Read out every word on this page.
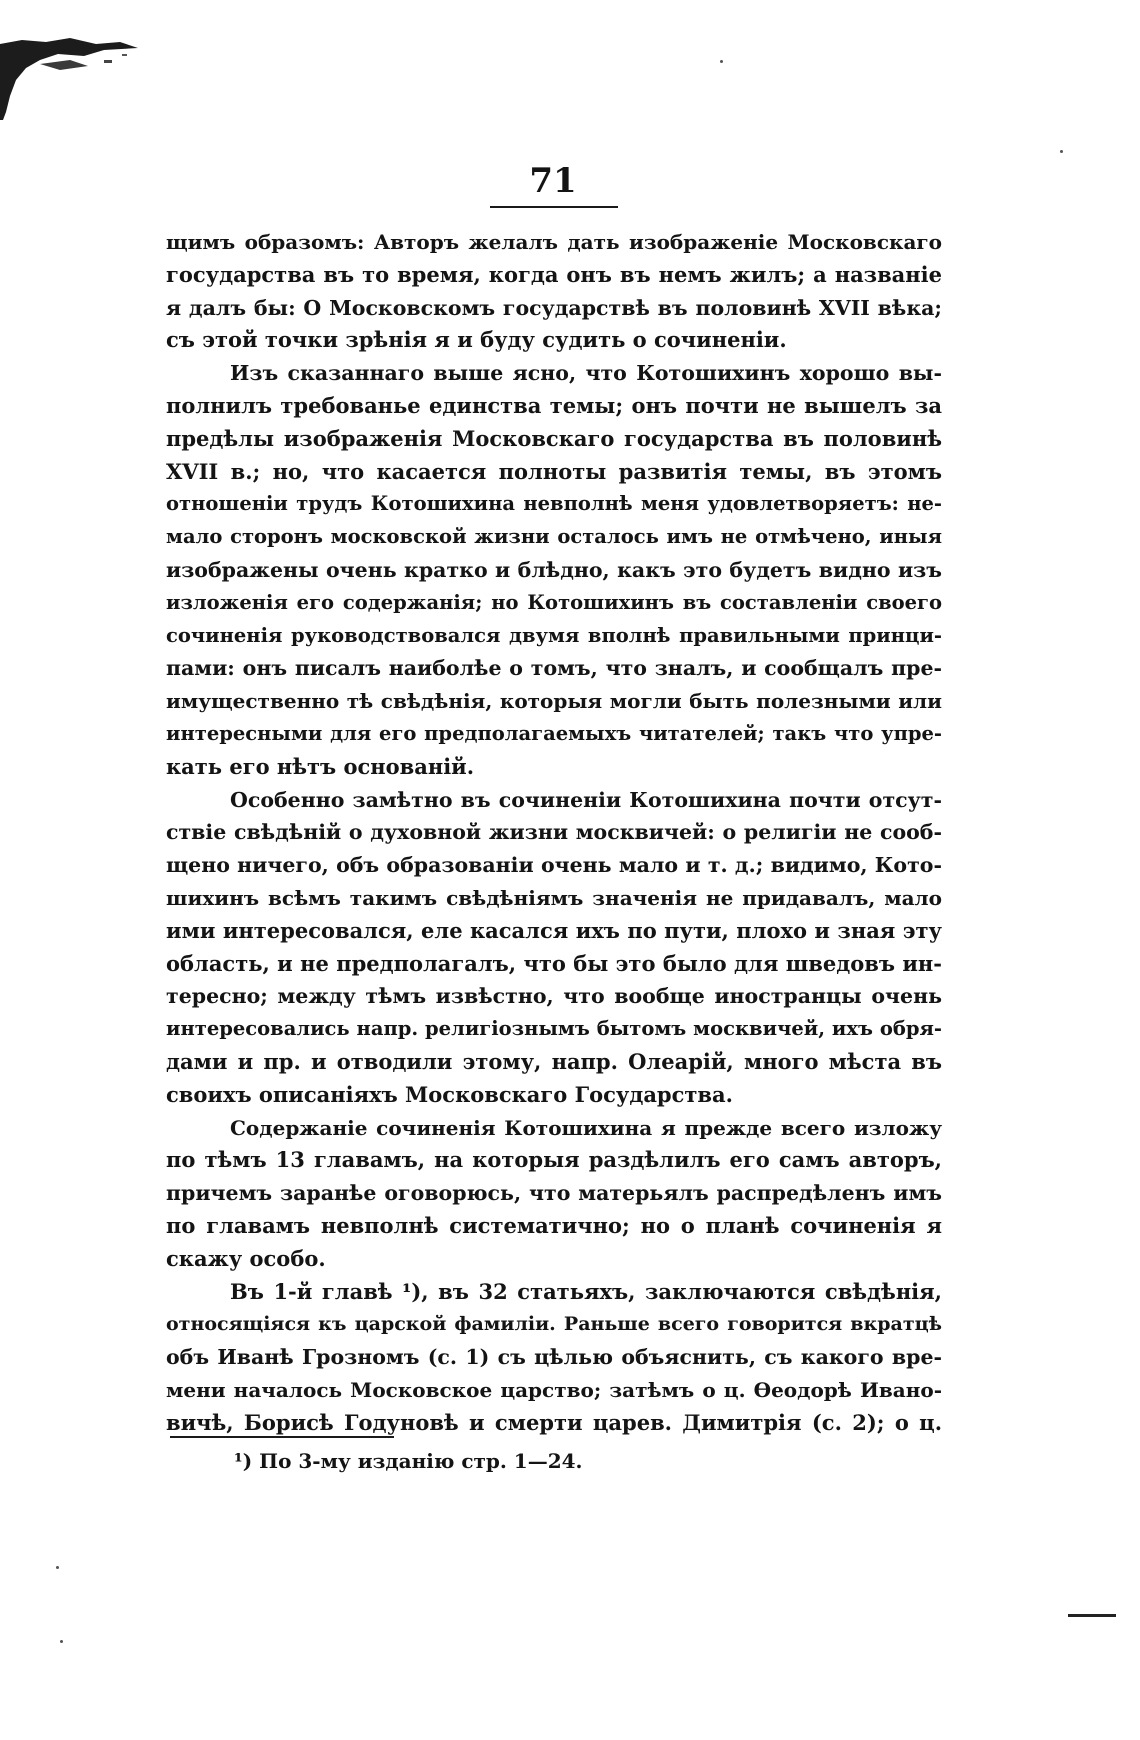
71
щимъ образомъ: Авторъ желалъ дать изображеніе Московскаго
государства въ то время, когда онъ въ немъ жилъ; а названіе
я далъ бы: О Московскомъ государствѣ въ половинѣ XVII вѣка;
съ этой точки зрѣнія я и буду судить о сочиненіи.
Изъ сказаннаго выше ясно, что Котошихинъ хорошо вы-
полнилъ требованье единства темы; онъ почти не вышелъ за
предѣлы изображенія Московскаго государства въ половинѣ
XVII в.; но, что касается полноты развитія темы, въ этомъ
отношеніи трудъ Котошихина невполнѣ меня удовлетворяетъ: не-
мало сторонъ московской жизни осталось имъ не отмѣчено, иныя
изображены очень кратко и блѣдно, какъ это будетъ видно изъ
изложенія его содержанія; но Котошихинъ въ составленіи своего
сочиненія руководствовался двумя вполнѣ правильными принци-
пами: онъ писалъ наиболѣе о томъ, что зналъ, и сообщалъ пре-
имущественно тѣ свѣдѣнія, которыя могли быть полезными или
интересными для его предполагаемыхъ читателей; такъ что упре-
кать его нѣтъ основаній.
Особенно замѣтно въ сочиненіи Котошихина почти отсут-
ствіе свѣдѣній о духовной жизни москвичей: о религіи не сооб-
щено ничего, объ образованіи очень мало и т. д.; видимо, Кото-
шихинъ всѣмъ такимъ свѣдѣніямъ значенія не придавалъ, мало
ими интересовался, еле касался ихъ по пути, плохо и зная эту
область, и не предполагалъ, что бы это было для шведовъ ин-
тересно; между тѣмъ извѣстно, что вообще иностранцы очень
интересовались напр. религіознымъ бытомъ москвичей, ихъ обря-
дами и пр. и отводили этому, напр. Олеарій, много мѣста въ
своихъ описаніяхъ Московскаго Государства.
Содержаніе сочиненія Котошихина я прежде всего изложу
по тѣмъ 13 главамъ, на которыя раздѣлилъ его самъ авторъ,
причемъ заранѣе оговорюсь, что матерьялъ распредѣленъ имъ
по главамъ невполнѣ систематично; но о планѣ сочиненія я
скажу особо.
Въ 1-й главѣ ¹), въ 32 статьяхъ, заключаются свѣдѣнія,
относящіяся къ царской фамиліи. Раньше всего говорится вкратцѣ
объ Иванѣ Грозномъ (с. 1) съ цѣлью объяснить, съ какого вре-
мени началось Московское царство; затѣмъ о ц. Ѳеодорѣ Ивано-
вичѣ, Борисѣ Годуновѣ и смерти царев. Димитрія (с. 2); о ц.
¹) По 3-му изданію стр. 1—24.
